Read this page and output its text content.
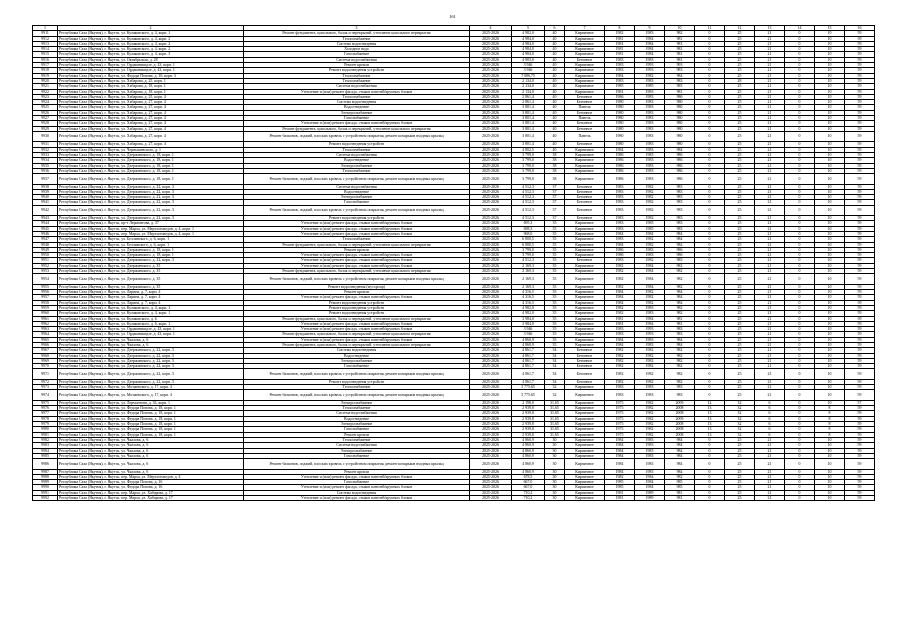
161
1	2	3	4	5	6	7	8	9	10	11	12	13	14	15	16
9911	Республика Саха (Якутия), г. Якутск, ул. Кулаковского, д. 4, корп. 1	Ремонт фундамента, цокольного, балок и перекрытий, утепление цокольного перекрытия	2025-2026	4 982,0	40	Кирпичное	1982	1983	982	0	25	21	0	10	59
9912	Республика Саха (Якутия), г. Якутск, ул. Кулаковского, д. 4, корп. 2	Теплоснабжение	2025-2026	4 984,0	40	Кирпичное	1981	1984	981	0	25	21	0	10	59
9913	Республика Саха (Якутия), г. Якутск, ул. Кулаковского, д. 4, корп. 2	Система водоотведения	2025-2026	4 984,0	40	Кирпичное	1981	1984	981	0	25	21	0	10	59
9914	Республика Саха (Якутия), г. Якутск, ул. Кулаковского, д. 4, корп. 2	Холодное водо	2025-2026	4 984,0	40	Кирпичное	1981	1984	981	0	25	21	0	10	59
9915	Республика Саха (Якутия), г. Якутск, ул. Кулаковского, д. 4, корп. 3	Газоснабжение	2025-2026	4 984,0	40	Кирпичное	1981	1984	981	0	25	21	0	10	59
9916	Республика Саха (Якутия), г. Якутск, ул. Октябрьская, д. 28	Система водоснабжения	2025-2026	4 983,0	40	Бетонное	1983	1983	981	0	25	21	0	10	59
9917	Республика Саха (Якутия), г. Якутск, ул. Орджоникидзе, д. 43, корп. 1	Ремонт кровли	2025-2026	3 946	40	Кирпичное	1983	1993	993	0	25	21	0	10	59
9918	Республика Саха (Якутия), г. Якутск, ул. Орджоникидзе, д. 43, корп. 1	Ремонт водоотведения устройств	2025-2026	3 946	40	Кирпичное	1983	1993	983	0	25	21	0	10	59
9919	Республика Саха (Якутия), г. Якутск, ул. Федора Попова, д. 10, корп. 3	Теплоснабжение	2025-2026	7 086,75	40	Кирпичное	1984	1982	984	0	25	21	0	10	59
9920	Республика Саха (Якутия), г. Якутск, ул. Хабарова, д. 25, корп. 1	Теплоснабжение	2025-2026	2 134,0	40	Кирпичное	1983	1983	983	0	28	21	0	10	59
9921	Республика Саха (Якутия), г. Якутск, ул. Хабарова, д. 18, корп. 1	Система водоснабжения	2025-2026	2 134,0	40	Кирпичное	1985	1985	985	0	25	21	0	10	59
9922	Республика Саха (Якутия), г. Якутск, ул. Хабарова, д. 18, корп. 1	Утепление и (или) ремонт фасада, стыков панелей/крупных блоков	2025-2026	2 134,0	40	Кирпичное	1981	1983	981	0	25	21	0	10	59
9923	Республика Саха (Якутия), г. Якутск, ул. Хабарова, д. 25, корп. 4	Теплоснабжение	2025-2026	2 861,4	40	Бетонное	1986	1983	986	0	25	21	0	10	59
9924	Республика Саха (Якутия), г. Якутск, ул. Хабарова, д. 27, корп. 4	Система водоотведения	2025-2026	2 861,4	40	Бетонное	1980	1983	980	0	25	21	0	10	59
9925	Республика Саха (Якутия), г. Якутск, ул. Хабарова, д. 27, корп. 4	Водоотведение	2025-2026	3 801,4	40	Панель	1980	1983	980	0	25	21	0	10	59
9926	Республика Саха (Якутия), г. Якутск, ул. Хабарова, д. 27, корп. 4	Электроснабжение	2025-2026	3 801,4	40	Бетонное	1980	1983	980	0	25	21	0	10	59
9927	Республика Саха (Якутия), г. Якутск, ул. Хабарова, д. 27, корп. 4	Газоснабжение	2025-2026	3 801,4	40	Панель	1980	1983	980	0	25	21	0	10	59
9928	Республика Саха (Якутия), г. Якутск, ул. Хабарова, д. 27, корп. 4	Утепление и (или) ремонт фасада, стыков панелей/крупных блоков	2025-2026	3 801,4	40	Бетонное	1980	1983	980	0	25	21	0	10	59
9929	Республика Саха (Якутия), г. Якутск, ул. Хабарова, д. 27, корп. 4	Ремонт фундамента, цокольного, балок и перекрытий, утепление цокольного перекрытия	2025-2026	3 801,4	40	Бетонное	1980	1983	980	0	25	21	0	10	59
9930	Республика Саха (Якутия), г. Якутск, ул. Хабарова, д. 27, корп. 4	Ремонт балконов, лоджий, плоских кровель с устройством покрытия, ремонт козырьков входных крыльц	2025-2026	3 801,4	40	Панель	1980	1983	980	0	25	21	0	10	59
9931	Республика Саха (Якутия), г. Якутск, ул. Хабарова, д. 27, корп. 4	Ремонт водоотведения устройств	2025-2026	3 801,4	40	Бетонное	1980	1983	980	0	25	21	0	10	59
9932	Республика Саха (Якутия), г. Якутск, ул. Чернышевского, д. 1	Теплоснабжение	2025-2026	4 802,5	40	Кирпичное	1984	1983	984	0	25	21	0	10	59
9933	Республика Саха (Якутия), г. Якутск, ул. Дзержинского, д. 18, корп. 1	Система водоснабжения	2025-2026	3 799,0	38	Кирпичное	1986	1983	986	0	25	21	0	10	59
9934	Республика Саха (Якутия), г. Якутск, ул. Дзержинского, д. 18, корп. 1	Водоотведение	2025-2026	3 799,0	38	Кирпичное	1986	1983	986	0	25	21	0	10	59
9935	Республика Саха (Якутия), г. Якутск, ул. Дзержинского, д. 18, корп. 1	Электроснабжение	2025-2026	3 799,0	38	Кирпичное	1986	1983	986	0	25	21	0	10	59
9936	Республика Саха (Якутия), г. Якутск, ул. Дзержинского, д. 18, корп. 1	Теплоснабжение	2025-2026	3 799,0	38	Кирпичное	1986	1983	986	0	25	21	0	10	59
9937	Республика Саха (Якутия), г. Якутск, ул. Дзержинского, д. 18, корп. 1	Ремонт балконов, лоджий, плоских кровель с устройством покрытия, ремонт козырьков входных крыльц	2025-2026	3 799,0	38	Кирпичное	1986	1983	986	0	25	21	0	10	59
9938	Республика Саха (Якутия), г. Якутск, ул. Дзержинского, д. 22, корп. 3	Система водоснабжения	2025-2026	4 512,3	37	Бетонное	1983	1982	983	0	25	21	0	10	59
9939	Республика Саха (Якутия), г. Якутск, ул. Дзержинского, д. 22, корп. 3	Водоотведение	2025-2026	4 512,3	37	Бетонное	1983	1982	983	0	25	21	0	10	59
9940	Республика Саха (Якутия), г. Якутск, ул. Дзержинского, д. 22, корп. 3	Электроснабжение	2025-2026	4 512,3	37	Бетонное	1983	1982	983	0	25	21	0	10	59
9941	Республика Саха (Якутия), г. Якутск, ул. Дзержинского, д. 22, корп. 3	Газоснабжение	2025-2026	4 512,3	37	Бетонное	1983	1982	983	0	25	21	0	10	59
9942	Республика Саха (Якутия), г. Якутск, ул. Дзержинского, д. 22, корп. 3	Ремонт балконов, лоджий, плоских кровель с устройством покрытия, ремонт козырьков входных крыльц	2025-2026	4 512,3	37	Бетонное	1983	1982	983	0	25	21	0	10	59
9943	Республика Саха (Якутия), г. Якутск, ул. Дзержинского, д. 22, корп. 3	Ремонт водоотведения устройств	2025-2026	4 512,3	37	Бетонное	1983	1982	983	0	25	21	0	10	59
9944	Республика Саха (Якутия), г. Якутск, пр-т Лермонтова, д. 37	Утепление и (или) ремонт фасада, стыков панелей/крупных блоков	2025-2026	695,3	35	Кирпичное	1983	1985	983	0	25	21	0	10	59
9945	Республика Саха (Якутия), г. Якутск, пер. Марха, ул. Мерзлотоведов, д. 4, корп. 1	Утепление и (или) ремонт фасада, стыков панелей/крупных блоков	2025-2026	698,3	35	Кирпичное	1983	1985	983	0	25	21	0	10	59
9946	Республика Саха (Якутия), г. Якутск, пер. Марха, ул. Мерзлотоведов, д. 4, корп. 1	Утепление и (или) ремонт фасада, стыков панелей/крупных блоков	2025-2026	968,0	35	Кирпичное	1984	1984	984	0	25	21	0	10	59
9947	Республика Саха (Якутия), г. Якутск, ул. Беллинского, д. 6, корп. 1	Теплоснабжение	2025-2026	6 800,5	35	Кирпичное	1983	1982	984	0	25	21	0	10	59
9948	Республика Саха (Якутия), г. Якутск, ул. Беллинского, д. 6, корп. 1	Ремонт фундамента, цокольного, балок и перекрытий, утепление цокольного перекрытия	2025-2026	6 800,5	35	Кирпичное	1984	1982	984	0	25	21	0	10	59
9949	Республика Саха (Якутия), г. Якутск, ул. Дзержинского, д. 18, корп. 1	Ремонт кровли	2025-2026	3 799,0	35	Кирпичное	1986	1983	986	0	25	21	0	10	59
9950	Республика Саха (Якутия), г. Якутск, ул. Дзержинского, д. 18, корп. 1	Утепление и (или) ремонт фасада, стыков панелей/крупных блоков	2025-2026	3 799,0	35	Кирпичное	1986	1983	986	0	25	21	0	10	59
9951	Республика Саха (Якутия), г. Якутск, ул. Дзержинского, д. 22, корп. 3	Утепление и (или) ремонт фасада, стыков панелей/крупных блоков	2025-2026	4 512,3	35	Бетонное	1983	1982	983	0	25	21	0	10	59
9952	Республика Саха (Якутия), г. Якутск, ул. Дзержинского, д. 35	Утепление и (или) ремонт фасада, стыков панелей/крупных блоков	2025-2026	2 169,3	35	Кирпичное	1982	1984	982	0	25	21	0	10	59
9953	Республика Саха (Якутия), г. Якутск, ул. Дзержинского, д. 35	Ремонт фундамента, цокольного, балок и перекрытий, утепление цокольного перекрытия	2025-2026	2 169,3	35	Кирпичное	1982	1984	982	0	25	21	0	10	59
9954	Республика Саха (Якутия), г. Якутск, ул. Дзержинского, д. 35	Ремонт балконов, лоджий, плоских кровель с устройством покрытия, ремонт козырьков входных крыльц	2025-2026	2 169,3	35	Кирпичное	1982	1984	982	0	25	21	0	10	59
9955	Республика Саха (Якутия), г. Якутск, ул. Дзержинского, д. 35	Ремонт водоотведения (мусоропр)	2025-2026	2 169,3	35	Кирпичное	1982	1984	982	0	25	21	0	10	59
9956	Республика Саха (Якутия), г. Якутск, ул. Ларина, д. 7, корп. 4	Ремонт кровли	2025-2026	4 316,5	35	Кирпичное	1984	1982	984	0	25	21	0	10	59
9957	Республика Саха (Якутия), г. Якутск, ул. Ларина, д. 7, корп. 4	Утепление и (или) ремонт фасада, стыков панелей/крупных блоков	2025-2026	4 316,5	35	Кирпичное	1984	1982	984	0	25	21	0	10	59
9958	Республика Саха (Якутия), г. Якутск, ул. Ларина, д. 7, корп. 4	Ремонт водоотведения устройств	2025-2026	4 316,5	35	Кирпичное	1984	1982	984	0	25	21	0	10	59
9959	Республика Саха (Якутия), г. Якутск, ул. Кулаковского, д. 4, корп. 1	Ремонт водоотведения устройств	2025-2026	4 982,0	35	Кирпичное	1982	1983	982	0	25	21	0	10	59
9960	Республика Саха (Якутия), г. Якутск, ул. Кулаковского, д. 4, корп. 1	Ремонт водоотведения устройств	2025-2026	4 982,0	35	Кирпичное	1982	1983	982	0	25	21	0	10	59
9961	Республика Саха (Якутия), г. Якутск, ул. Кулаковского, д. 6	Ремонт фундамента, цокольного, балок и перекрытий, утепление цокольного перекрытия	2025-2026	3 984,0	35	Кирпичное	1981	1984	981	0	25	21	0	10	59
9962	Республика Саха (Якутия), г. Якутск, ул. Кулаковского, д. 6, корп. 1	Утепление и (или) ремонт фасада, стыков панелей/крупных блоков	2025-2026	3 984,0	35	Кирпичное	1981	1984	981	0	25	21	0	10	59
9963	Республика Саха (Якутия), г. Якутск, ул. Орджоникидзе, д. 43, корп. 1	Утепление и (или) ремонт фасада, стыков панелей/крупных блоков	2025-2026	3 946	35	Кирпичное	1983	1993	983	0	25	21	0	10	59
9964	Республика Саха (Якутия), г. Якутск, ул. Орджоникидзе, д. 43, корп. 1	Ремонт фундамента, цокольного, балок и перекрытий, утепление цокольного перекрытия	2025-2026	3 946	35	Кирпичное	1983	1993	983	0	25	21	0	10	59
9965	Республика Саха (Якутия), г. Якутск, ул. Чкалова, д. 6	Утепление и (или) ремонт фасада, стыков панелей/крупных блоков	2025-2026	4 860,9	35	Кирпичное	1984	1983	984	0	25	21	0	10	59
9966	Республика Саха (Якутия), г. Якутск, ул. Чкалова, д. 6	Ремонт фундамента, цокольного, балок и перекрытий, утепление цокольного перекрытия	2025-2026	4 860,9	35	Кирпичное	1984	1983	984	0	25	21	0	10	59
9967	Республика Саха (Якутия), г. Якутск, ул. Дзержинского, д. 22, корп. 3	Система водоотведения	2025-2026	4 861,7	34	Бетонное	1982	1982	982	0	25	21	0	10	59
9968	Республика Саха (Якутия), г. Якутск, ул. Дзержинского, д. 22, корп. 3	Водоотведение	2025-2026	4 861,7	34	Бетонное	1982	1982	982	0	25	21	0	10	59
9969	Республика Саха (Якутия), г. Якутск, ул. Дзержинского, д. 22, корп. 3	Электроснабжение	2025-2026	4 861,7	34	Бетонное	1982	1982	982	0	25	21	0	10	59
9970	Республика Саха (Якутия), г. Якутск, ул. Дзержинского, д. 22, корп. 3	Газоснабжение	2025-2026	4 861,7	34	Бетонное	1982	1982	982	0	25	21	0	10	59
9971	Республика Саха (Якутия), г. Якутск, ул. Дзержинского, д. 22, корп. 3	Ремонт балконов, лоджий, плоских кровель с устройством покрытия, ремонт козырьков входных крыльц	2025-2026	4 861,7	34	Бетонное	1982	1982	982	0	25	21	0	10	59
9972	Республика Саха (Якутия), г. Якутск, ул. Дзержинского, д. 22, корп. 3	Ремонт водоотведения устройств	2025-2026	4 861,7	34	Бетонное	1982	1982	982	0	25	21	0	10	59
9973	Республика Саха (Якутия), г. Якутск, ул. Мозжевского, д. 17, корп. 4	Теплоснабжение	2025-2026	5 775,65	32	Кирпичное	1983	1983	983	0	25	21	0	10	59
9974	Республика Саха (Якутия), г. Якутск, ул. Мозжевского, д. 17, корп. 4	Ремонт балконов, лоджий, плоских кровель с устройством покрытия, ремонт козырьков входных крыльц	2025-2026	5 775,65	32	Кирпичное	1983	1983	983	0	25	21	0	10	59
9975	Республика Саха (Якутия), г. Якутск, ул. Лермонтова, д. 33, корп. 1	Электроснабжение	2025-2026	2 198,0	31,65	Кирпичное	1975	1982	2009	12	32	6	0	10	57
9976	Республика Саха (Якутия), г. Якутск, ул. Федора Попова, д. 18, корп. 1	Теплоснабжение	2025-2026	2 939,8	31,65	Кирпичное	1975	1982	2008	13	32	6	0	8	59
9977	Республика Саха (Якутия), г. Якутск, ул. Федора Попова, д. 18, корп. 1	Система водоснабжения	2025-2026	2 939,8	31,65	Кирпичное	1975	1982	2008	13	32	6	0	8	59
9978	Республика Саха (Якутия), г. Якутск, ул. Федора Попова, д. 18, корп. 1	Водоотведение	2025-2026	2 939,8	31,65	Кирпичное	1975	1982	2009	13	32	6	0	8	59
9979	Республика Саха (Якутия), г. Якутск, ул. Федора Попова, д. 18, корп. 1	Электроснабжение	2025-2026	2 939,8	31,65	Кирпичное	1975	1982	2008	13	32	6	0	8	59
9980	Республика Саха (Якутия), г. Якутск, ул. Федора Попова, д. 18, корп. 1	Газоснабжение	2025-2026	2 939,8	31,65	Кирпичное	1975	1982	2008	13	32	6	0	8	59
9981	Республика Саха (Якутия), г. Якутск, ул. Федора Попова, д. 18, корп. 1	Ремонт кровли	2025-2026	2 939,8	31,65	Кирпичное	1975	1982	2008	13	32	6	0	8	59
9982	Республика Саха (Якутия), г. Якутск, ул. Чкалова, д. 6	Теплоснабжение	2025-2026	4 860,9	30	Кирпичное	1984	1983	984	0	25	21	0	10	59
9983	Республика Саха (Якутия), г. Якутск, ул. Чкалова, д. 6	Система водоснабжения	2025-2026	4 860,9	30	Кирпичное	1984	1983	984	0	25	21	0	10	59
9984	Республика Саха (Якутия), г. Якутск, ул. Чкалова, д. 6	Электроснабжение	2025-2026	4 860,9	30	Кирпичное	1984	1983	984	0	25	21	0	10	59
9985	Республика Саха (Якутия), г. Якутск, ул. Чкалова, д. 6	Газоснабжение	2025-2026	4 860,9	30	Кирпичное	1984	1983	984	0	25	21	0	10	59
9986	Республика Саха (Якутия), г. Якутск, ул. Чкалова, д. 6	Ремонт балконов, лоджий, плоских кровель с устройством покрытия, ремонт козырьков входных крыльц	2025-2026	4 860,9	30	Кирпичное	1984	1983	984	0	25	21	0	10	59
9987	Республика Саха (Якутия), г. Якутск, ул. Чкалова, д. 6	Ремонт кровли	2025-2026	4 860,9	30	Кирпичное	1984	1983	984	0	25	21	0	10	59
9988	Республика Саха (Якутия), г. Якутск, пер. Марха, ул. Мерзлотоведов, д. 4	Утепление и (или) ремонт фасада, стыков панелей/крупных блоков	2025-2026	678,5	30	Кирпичное	1982	1984	982	0	25	21	0	10	59
9989	Республика Саха (Якутия), г. Якутск, ул. Федора Попова, д. 16	Газоснабжение	2025-2026	667,0	30	Кирпичное	1985	1984	985	0	25	21	0	10	59
9990	Республика Саха (Якутия), г. Якутск, ул. Федора Попова, д. 16	Утепление и (или) ремонт фасада, стыков панелей/крупных блоков	2025-2026	667,0	30	Кирпичное	1985	1984	985	0	25	21	0	10	59
9991	Республика Саха (Якутия), г. Якутск, пер. Марха, ул. Хабарова, д. 17	Система водоотведения	2025-2026	710,2	30	Кирпичное	1981	1989	981	0	25	21	0	10	59
9992	Республика Саха (Якутия), г. Якутск, пер. Марха, ул. Хабарова, д. 17	Утепление и (или) ремонт фасада, стыков панелей/крупных блоков	2025-2026	710,2	30	Кирпичное	1981	1989	981	0	25	21	0	10	59
